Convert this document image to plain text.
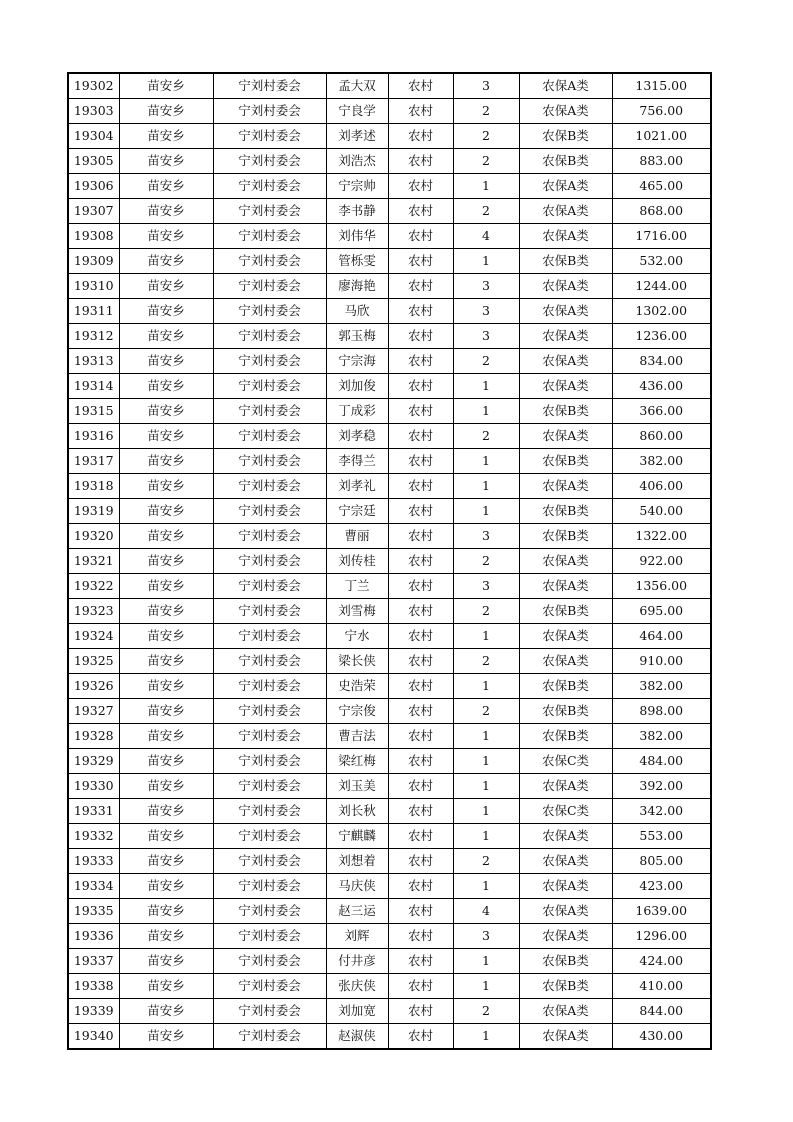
19302	苗安乡	宁刘村委会	孟大双	农村	3	农保A类	1315.00
19303	苗安乡	宁刘村委会	宁良学	农村	2	农保A类	756.00
19304	苗安乡	宁刘村委会	刘孝述	农村	2	农保B类	1021.00
19305	苗安乡	宁刘村委会	刘浩杰	农村	2	农保B类	883.00
19306	苗安乡	宁刘村委会	宁宗帅	农村	1	农保A类	465.00
19307	苗安乡	宁刘村委会	李书静	农村	2	农保A类	868.00
19308	苗安乡	宁刘村委会	刘伟华	农村	4	农保A类	1716.00
19309	苗安乡	宁刘村委会	管栎雯	农村	1	农保B类	532.00
19310	苗安乡	宁刘村委会	廖海艳	农村	3	农保A类	1244.00
19311	苗安乡	宁刘村委会	马欣	农村	3	农保A类	1302.00
19312	苗安乡	宁刘村委会	郭玉梅	农村	3	农保A类	1236.00
19313	苗安乡	宁刘村委会	宁宗海	农村	2	农保A类	834.00
19314	苗安乡	宁刘村委会	刘加俊	农村	1	农保A类	436.00
19315	苗安乡	宁刘村委会	丁成彩	农村	1	农保B类	366.00
19316	苗安乡	宁刘村委会	刘孝稳	农村	2	农保A类	860.00
19317	苗安乡	宁刘村委会	李得兰	农村	1	农保B类	382.00
19318	苗安乡	宁刘村委会	刘孝礼	农村	1	农保A类	406.00
19319	苗安乡	宁刘村委会	宁宗廷	农村	1	农保B类	540.00
19320	苗安乡	宁刘村委会	曹丽	农村	3	农保B类	1322.00
19321	苗安乡	宁刘村委会	刘传桂	农村	2	农保A类	922.00
19322	苗安乡	宁刘村委会	丁兰	农村	3	农保A类	1356.00
19323	苗安乡	宁刘村委会	刘雪梅	农村	2	农保B类	695.00
19324	苗安乡	宁刘村委会	宁水	农村	1	农保A类	464.00
19325	苗安乡	宁刘村委会	梁长侠	农村	2	农保A类	910.00
19326	苗安乡	宁刘村委会	史浩荣	农村	1	农保B类	382.00
19327	苗安乡	宁刘村委会	宁宗俊	农村	2	农保B类	898.00
19328	苗安乡	宁刘村委会	曹吉法	农村	1	农保B类	382.00
19329	苗安乡	宁刘村委会	梁红梅	农村	1	农保C类	484.00
19330	苗安乡	宁刘村委会	刘玉美	农村	1	农保A类	392.00
19331	苗安乡	宁刘村委会	刘长秋	农村	1	农保C类	342.00
19332	苗安乡	宁刘村委会	宁麒麟	农村	1	农保A类	553.00
19333	苗安乡	宁刘村委会	刘想着	农村	2	农保A类	805.00
19334	苗安乡	宁刘村委会	马庆侠	农村	1	农保A类	423.00
19335	苗安乡	宁刘村委会	赵三运	农村	4	农保A类	1639.00
19336	苗安乡	宁刘村委会	刘辉	农村	3	农保A类	1296.00
19337	苗安乡	宁刘村委会	付井彦	农村	1	农保B类	424.00
19338	苗安乡	宁刘村委会	张庆侠	农村	1	农保B类	410.00
19339	苗安乡	宁刘村委会	刘加宽	农村	2	农保A类	844.00
19340	苗安乡	宁刘村委会	赵淑侠	农村	1	农保A类	430.00
